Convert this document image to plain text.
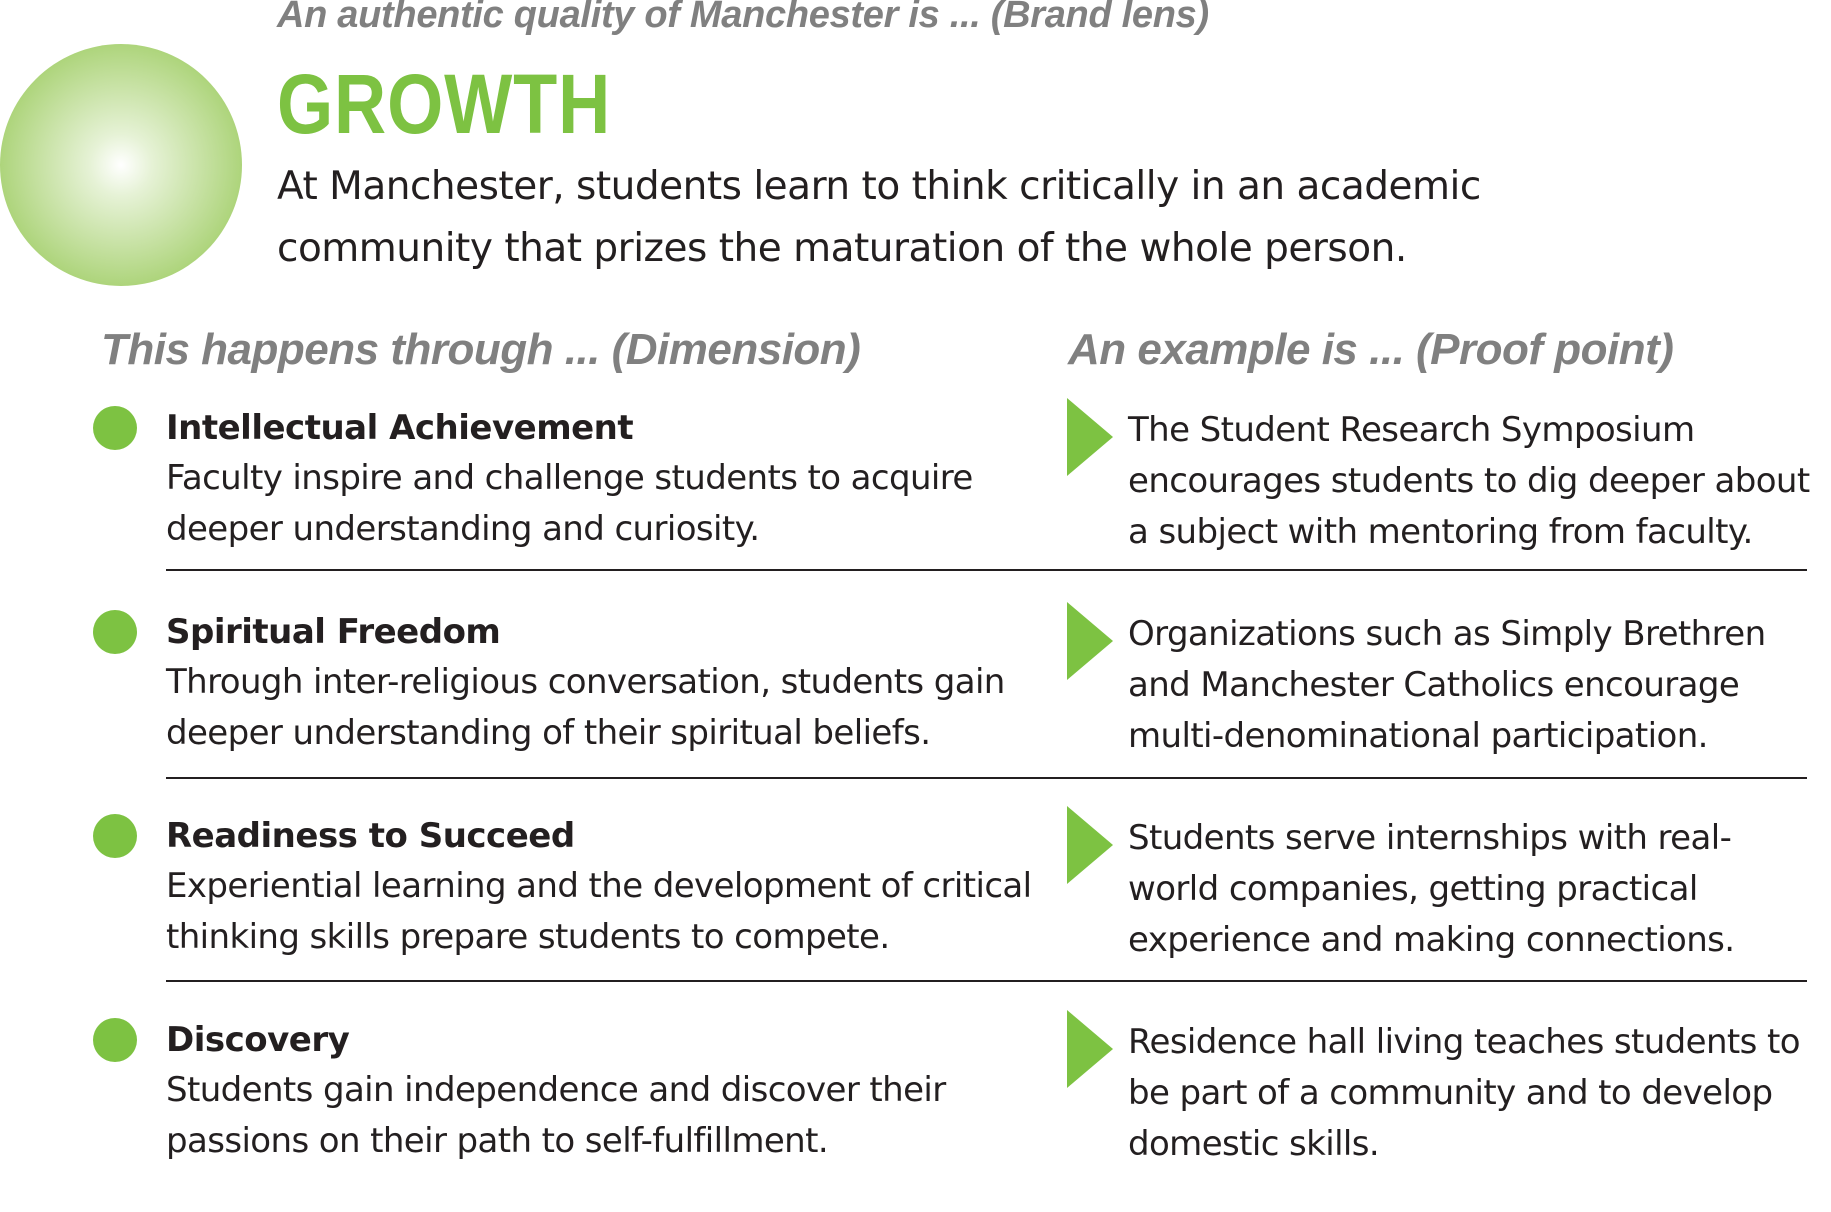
An authentic quality of Manchester is ... (Brand lens)
GROWTH
At Manchester, students learn to think critically in an academic
community that prizes the maturation of the whole person.
This happens through ... (Dimension)	An example is ... (Proof point)
Intellectual Achievement
Faculty inspire and challenge students to acquire
deeper understanding and curiosity.
The Student Research Symposium
encourages students to dig deeper about
a subject with mentoring from faculty.
Spiritual Freedom
Through inter-religious conversation, students gain
deeper understanding of their spiritual beliefs.
Organizations such as Simply Brethren
and Manchester Catholics encourage
multi-denominational participation.
Readiness to Succeed
Experiential learning and the development of critical
thinking skills prepare students to compete.
Students serve internships with real-
world companies, getting practical
experience and making connections.
Discovery
Students gain independence and discover their
passions on their path to self-fulfillment.
Residence hall living teaches students to
be part of a community and to develop
domestic skills.
